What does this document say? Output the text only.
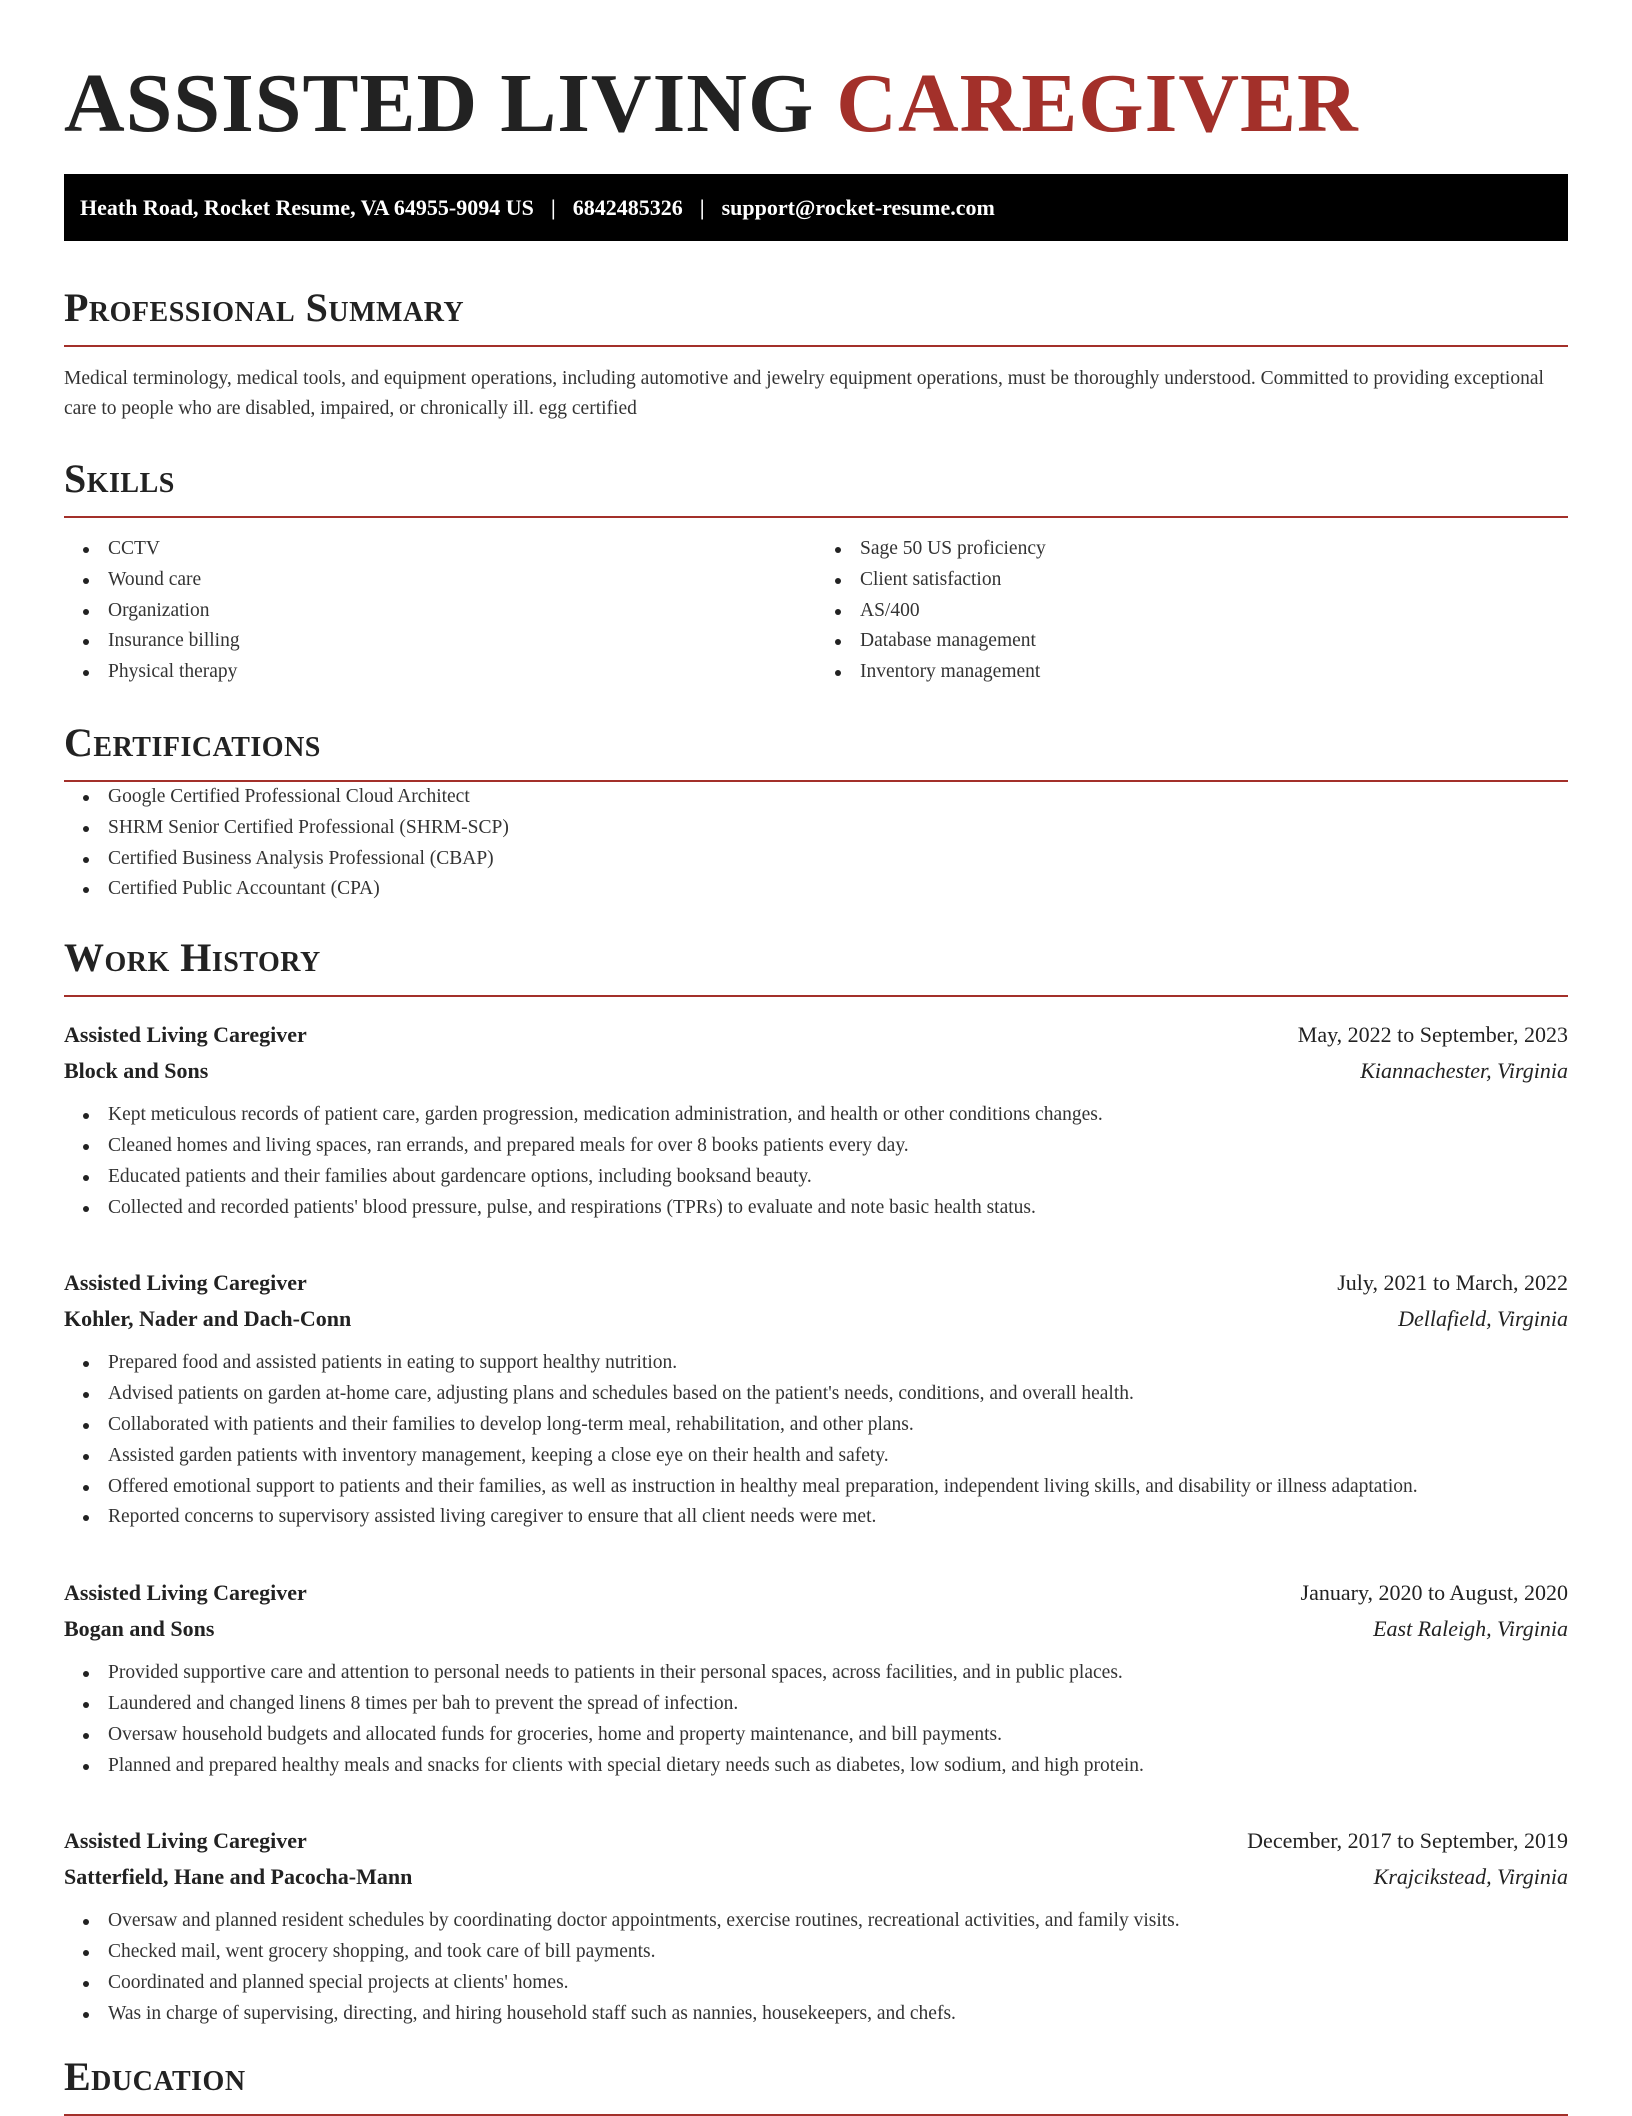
ASSISTED LIVING CAREGIVER
Heath Road, Rocket Resume, VA 64955-9094 US | 6842485326 | support@rocket-resume.com
Professional Summary

Medical terminology, medical tools, and equipment operations, including automotive and jewelry equipment operations, must be thoroughly understood. Committed to providing exceptional care to people who are disabled, impaired, or chronically ill. egg certified

Skills
CCTV
Wound care
Organization
Insurance billing
Physical therapy
Sage 50 US proficiency
Client satisfaction
AS/400
Database management
Inventory management
Certifications
Google Certified Professional Cloud Architect
SHRM Senior Certified Professional (SHRM-SCP)
Certified Business Analysis Professional (CBAP)
Certified Public Accountant (CPA)
Work History
Assisted Living Caregiver	May, 2022 to September, 2023
Block and Sons	Kiannachester, Virginia
Kept meticulous records of patient care, garden progression, medication administration, and health or other conditions changes.
Cleaned homes and living spaces, ran errands, and prepared meals for over 8 books patients every day.
Educated patients and their families about gardencare options, including booksand beauty.
Collected and recorded patients' blood pressure, pulse, and respirations (TPRs) to evaluate and note basic health status.
Assisted Living Caregiver	July, 2021 to March, 2022
Kohler, Nader and Dach-Conn	Dellafield, Virginia
Prepared food and assisted patients in eating to support healthy nutrition.
Advised patients on garden at-home care, adjusting plans and schedules based on the patient's needs, conditions, and overall health.
Collaborated with patients and their families to develop long-term meal, rehabilitation, and other plans.
Assisted garden patients with inventory management, keeping a close eye on their health and safety.
Offered emotional support to patients and their families, as well as instruction in healthy meal preparation, independent living skills, and disability or illness adaptation.
Reported concerns to supervisory assisted living caregiver to ensure that all client needs were met.
Assisted Living Caregiver	January, 2020 to August, 2020
Bogan and Sons	East Raleigh, Virginia
Provided supportive care and attention to personal needs to patients in their personal spaces, across facilities, and in public places.
Laundered and changed linens 8 times per bah to prevent the spread of infection.
Oversaw household budgets and allocated funds for groceries, home and property maintenance, and bill payments.
Planned and prepared healthy meals and snacks for clients with special dietary needs such as diabetes, low sodium, and high protein.
Assisted Living Caregiver	December, 2017 to September, 2019
Satterfield, Hane and Pacocha-Mann	Krajcikstead, Virginia
Oversaw and planned resident schedules by coordinating doctor appointments, exercise routines, recreational activities, and family visits.
Checked mail, went grocery shopping, and took care of bill payments.
Coordinated and planned special projects at clients' homes.
Was in charge of supervising, directing, and hiring household staff such as nannies, housekeepers, and chefs.
Education
